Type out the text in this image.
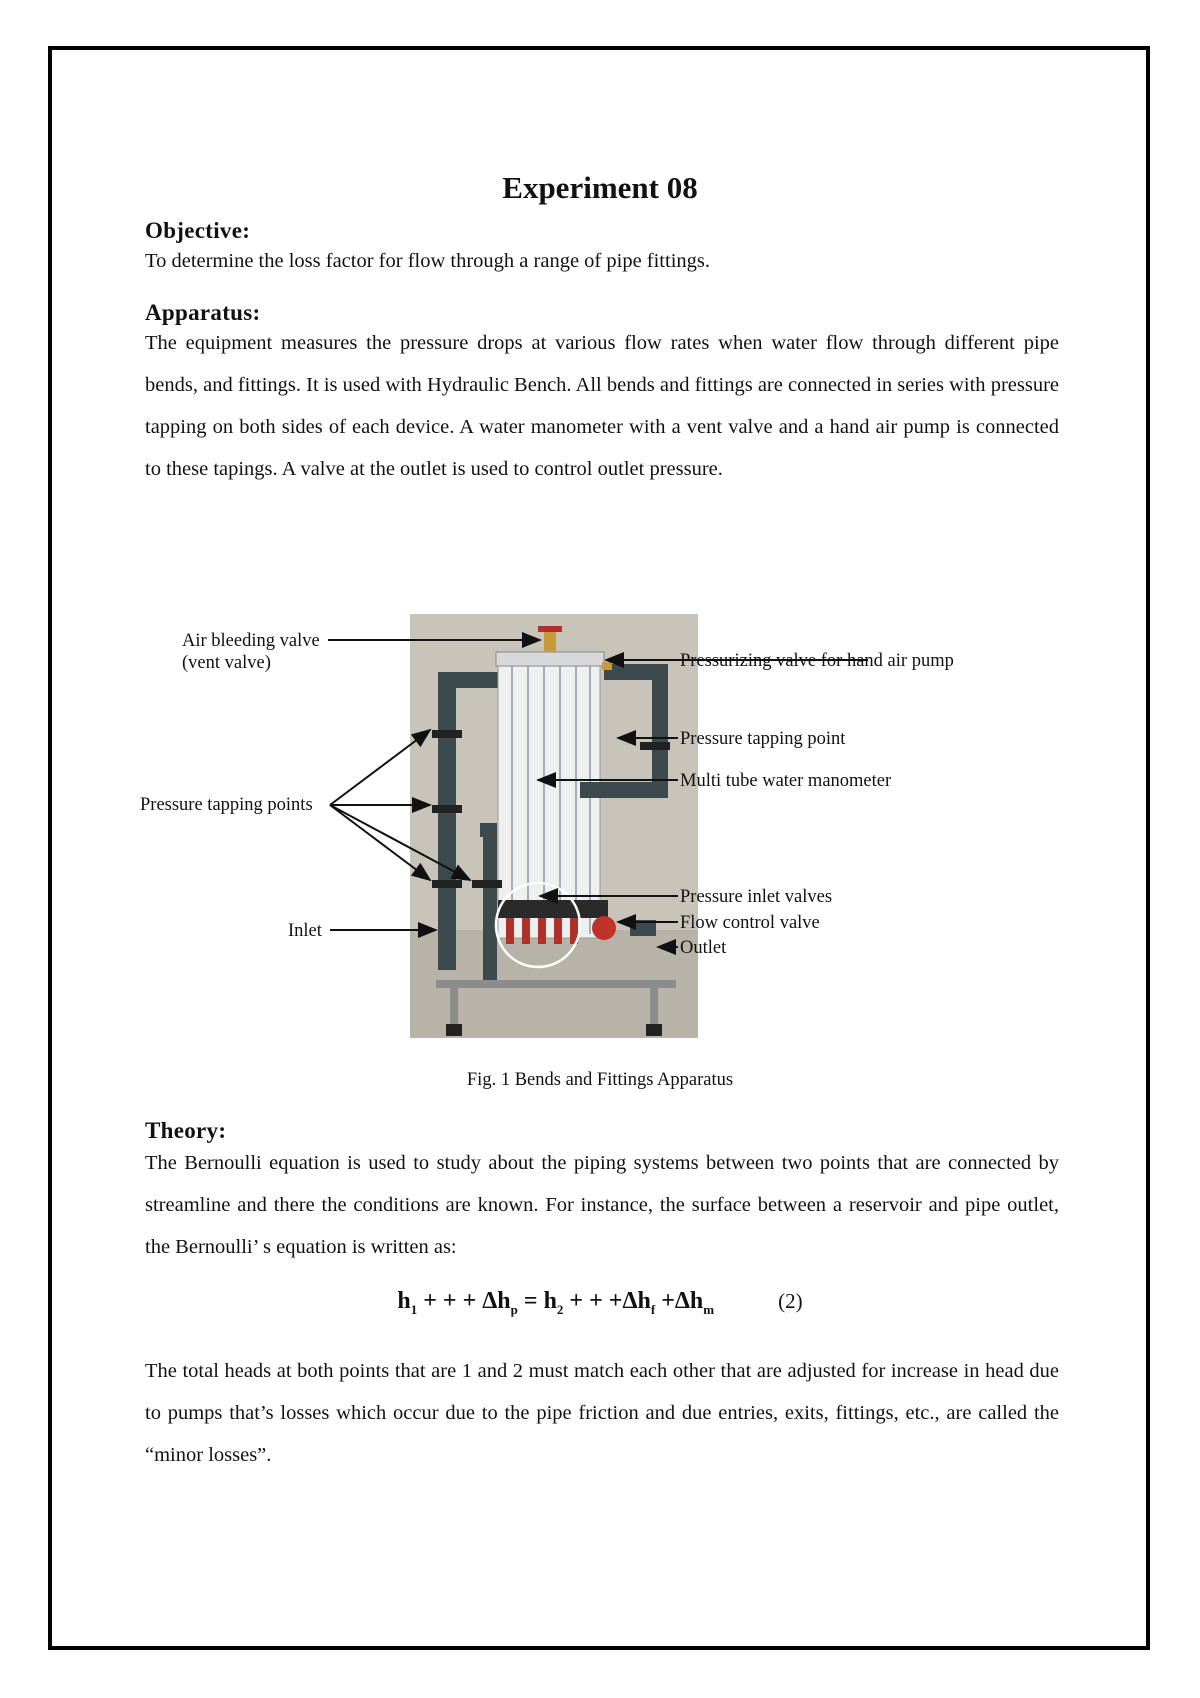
Experiment 08
Objective:
To determine the loss factor for flow through a range of pipe fittings.
Apparatus:
The equipment measures the pressure drops at various flow rates when water flow through different pipe bends, and fittings. It is used with Hydraulic Bench. All bends and fittings are connected in series with pressure tapping on both sides of each device. A water manometer with a vent valve and a hand air pump is connected to these tapings. A valve at the outlet is used to control outlet pressure.
Air bleeding valve
(vent valve)	Pressurizing valve for hand air pump
Pressure tapping point
Multi tube water manometer
Pressure tapping points
Pressure inlet valves
Flow control valve
Inlet
Outlet
Fig. 1 Bends and Fittings Apparatus
Theory:
The Bernoulli equation is used to study about the piping systems between two points that are connected by streamline and there the conditions are known. For instance, the surface between a reservoir and pipe outlet, the Bernoulli’ s equation is written as:
$h_1$ + + + $\Delta h_p = h_2$ + + $+\Delta h_f +\Delta h_m$	(2)
The total heads at both points that are 1 and 2 must match each other that are adjusted for increase in head due to pumps that’s losses which occur due to the pipe friction and due entries, exits, fittings, etc., are called the “minor losses”.
